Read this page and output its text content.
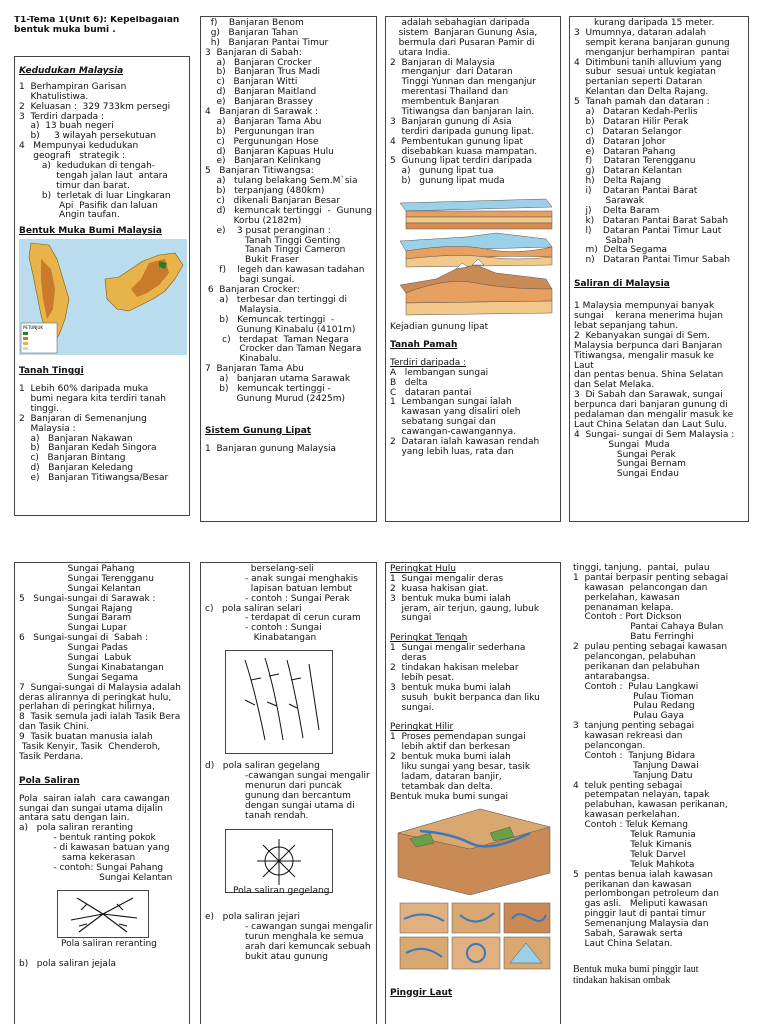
T1-Tema 1(Unit 6): Kepelbagaian

bentuk muka bumi .

Kedudukan Malaysia

1  Berhampiran Garisan

Khatulistiwa.

2  Keluasan :  329 733km persegi

3  Terdiri darpada :

a)  13 buah negeri

b)     3 wilayah persekutuan

4   Mempunyai kedudukan

geografi   strategik :

a)  kedudukan di tengah-

tengah jalan laut  antara

timur dan barat.

b)  terletak di luar Lingkaran

Api  Pasifik dan laluan

Angin taufan.

Bentuk Muka Bumi Malaysia

PETUNJUK

Tanah Tinggi

1  Lebih 60% daripada muka

bumi negara kita terdiri tanah

tinggi.

2  Banjaran di Semenanjung

Malaysia :

a)   Banjaran Nakawan

b)   Banjaran Kedah Singora

c)   Banjaran Bintang

d)   Banjaran Keledang

e)   Banjaran Titiwangsa/Besar

f)    Banjaran Benom

g)   Banjaran Tahan

h)   Banjaran Pantai Timur

3  Banjaran di Sabah:

a)   Banjaran Crocker

b)   Banjaran Trus Madi

c)   Banjaran Witti

d)   Banjaran Maitland

e)   Banjaran Brassey

4   Banjaran di Sarawak :

a)   Banjaran Tama Abu

b)   Pergunungan Iran

c)   Pergunungan Hose

d)   Banjaran Kapuas Hulu

e)   Banjaran Kelinkang

5   Banjaran Titiwangsa:

a)   tulang belakang Sem.M`sia

b)   terpanjang (480km)

c)   dikenali Banjaran Besar

d)   kemuncak tertinggi  -  Gunung

Korbu (2182m)

e)    3 pusat peranginan :

Tanah Tinggi Genting

Tanah Tinggi Cameron

Bukit Fraser

f)    legeh dan kawasan tadahan

bagi sungai.

6  Banjaran Crocker:

a)   terbesar dan tertinggi di

Malaysia.

b)   Kemuncak tertinggi  -

Gunung Kinabalu (4101m)

c)   terdapat  Taman Negara

Crocker dan Taman Negara

Kinabalu.

7  Banjaran Tama Abu

a)   banjaran utama Sarawak

b)   kemuncak tertinggi -

Gunung Murud (2425m)

Sistem Gunung Lipat

1  Banjaran gunung Malaysia

adalah sebahagian daripada

sistem  Banjaran Gunung Asia,

bermula dari Pusaran Pamir di

utara India.

2  Banjaran di Malaysia

menganjur  dari Dataran

Tinggi Yunnan dan menganjur

merentasi Thailand dan

membentuk Banjaran

Titiwangsa dan banjaran lain.

3  Banjaran gunung di Asia

terdiri daripada gunung lipat.

4  Pembentukan gunung lipat

disebabkan kuasa mampatan.

5  Gunung lipat terdiri daripada

a)   gunung lipat tua

b)   gunung lipat muda

Kejadian gunung lipat

Tanah Pamah

Terdiri daripada :

A   lembangan sungai

B   delta

C   dataran pantai

1  Lembangan sungai ialah

kawasan yang disaliri oleh

sebatang sungai dan

cawangan-cawangannya.

2  Dataran ialah kawasan rendah

yang lebih luas, rata dan

kurang daripada 15 meter.

3  Umumnya, dataran adalah

sempit kerana banjaran gunung

menganjur berhampiran  pantai

4  Ditimbuni tanih alluvium yang

subur  sesuai untuk kegiatan

pertanian seperti Dataran

Kelantan dan Delta Rajang.

5  Tanah pamah dan dataran :

a)   Dataran Kedah-Perlis

b)   Dataran Hilir Perak

c)   Dataran Selangor

d)   Dataran Johor

e)   Dataran Pahang

f)    Dataran Terengganu

g)   Dataran Kelantan

h)   Delta Rajang

i)    Dataran Pantai Barat

Sarawak

j)    Delta Baram

k)   Dataran Pantai Barat Sabah

l)    Dataran Pantai Timur Laut

Sabah

m)  Delta Segama

n)   Dataran Pantai Timur Sabah

Saliran di Malaysia

1 Malaysia mempunyai banyak

sungai    kerana menerima hujan

lebat sepanjang tahun.

2  Kebanyakan sungai di Sem.

Malaysia berpunca dari Banjaran

Titiwangsa, mengalir masuk ke

Laut

dan pentas benua. Shina Selatan

dan Selat Melaka.

3  Di Sabah dan Sarawak, sungai

berpunca dari banjaran gunung di

pedalaman dan mengalir masuk ke

Laut China Selatan dan Laut Sulu.

4  Sungai- sungai di Sem Malaysia :

Sungai  Muda

Sungai Perak

Sungai Bernam

Sungai Endau

Sungai Pahang

Sungai Terengganu

Sungai Kelantan

5   Sungai-sungai di Sarawak :

Sungai Rajang

Sungai Baram

Sungai Lupar

6   Sungai-sungai di  Sabah :

Sungai Padas

Sungai  Labuk

Sungai Kinabatangan

Sungai Segama

7  Sungai-sungai di Malaysia adalah

deras alirannya di peringkat hulu,

perlahan di peringkat hilirnya,

8  Tasik semula jadi ialah Tasik Bera

dan Tasik Chini.

9  Tasik buatan manusia ialah

Tasik Kenyir, Tasik  Chenderoh,

Tasik Perdana.

Pola Saliran

Pola  sairan ialah  cara cawangan

sungai dan sungai utama dijalin

antara satu dengan lain.

a)   pola saliran reranting

- bentuk ranting pokok

- di kawasan batuan yang

sama kekerasan

- contoh: Sungai Pahang

Sungai Kelantan

Pola saliran reranting

b)   pola saliran jejala

berselang-seli

- anak sungai menghakis

lapisan batuan lembut

- contoh : Sungai Perak

c)   pola saliran selari

- terdapat di cerun curam

- contoh : Sungai

Kinabatangan

d)   pola saliran gegelang

-cawangan sungai mengalir

menurun dari puncak

gunung dan bercantum

dengan sungai utama di

tanah rendah.

Pola saliran gegelang

e)   pola saliran jejari

- cawangan sungai mengalir

turun menghala ke semua

arah dari kemuncak sebuah

bukit atau gunung

Peringkat Hulu

1  Sungai mengalir deras

2  kuasa hakisan giat.

3  bentuk muka bumi ialah

jeram, air terjun, gaung, lubuk

sungai

Peringkat Tengah

1  Sungai mengalir sederhana

deras

2  tindakan hakisan melebar

lebih pesat.

3  bentuk muka bumi ialah

susuh  bukit berpanca dan liku

sungai.

Peringkat Hilir

1  Proses pemendapan sungai

lebih aktif dan berkesan

2  bentuk muka bumi ialah

liku sungai yang besar, tasik

ladam, dataran banjir,

tetambak dan delta.

Bentuk muka bumi sungai

Pinggir Laut

tinggi, tanjung,  pantai,  pulau

1  pantai berpasir penting sebagai

kawasan  pelancongan dan

perkelahan, kawasan

penanaman kelapa.

Contoh : Port Dickson

Pantai Cahaya Bulan

Batu Ferringhi

2  pulau penting sebagai kawasan

pelancongan, pelabuhan

perikanan dan pelabuhan

antarabangsa.

Contoh :  Pulau Langkawi

Pulau Tioman

Pulau Redang

Pulau Gaya

3  tanjung penting sebagai

kawasan rekreasi dan

pelancongan.

Contoh :  Tanjung Bidara

Tanjung Dawai

Tanjung Datu

4  teluk penting sebagai

petempatan nelayan, tapak

pelabuhan, kawasan perikanan,

kawasan perkelahan.

Contoh : Teluk Kemang

Teluk Ramunia

Teluk Kimanis

Teluk Darvel

Teluk Mahkota

5  pentas benua ialah kawasan

perikanan dan kawasan

perlombongan petroleum dan

gas asli.   Meliputi kawasan

pinggir laut di pantai timur

Semenanjung Malaysia dan

Sabah, Sarawak serta

Laut China Selatan.

Bentuk muka bumi pinggir laut

tindakan hakisan ombak
